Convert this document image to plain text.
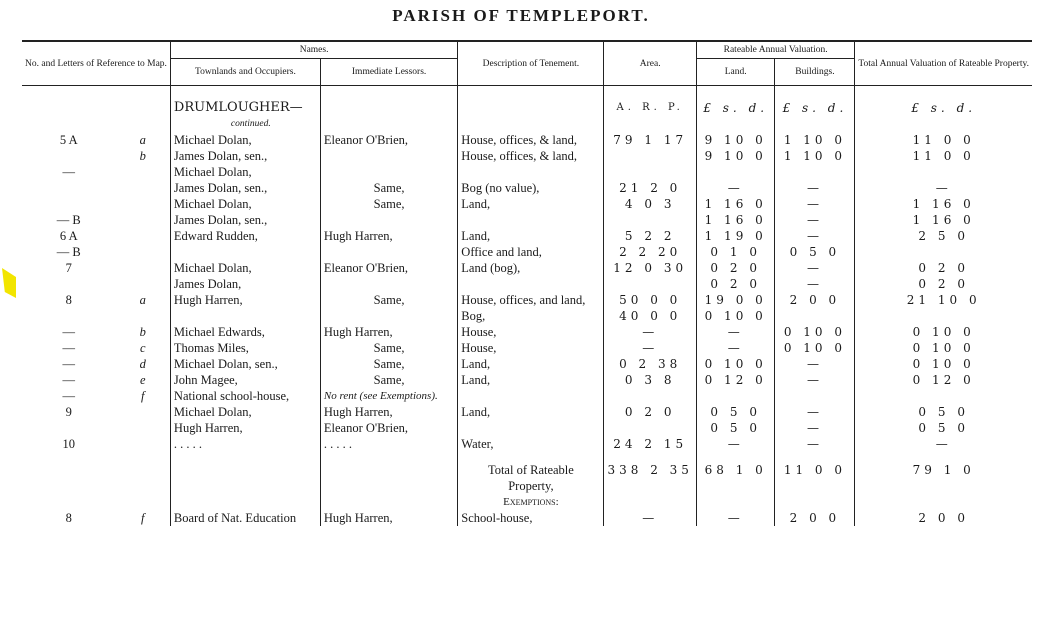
PARISH OF TEMPLEPORT.
No. and Letters of Reference to Map.		Names.		Description of Tenement.	Area.	Rateable Annual Valuation.		Total Annual Valuation of Rateable Property.
		Townlands and Occupiers.	Immediate Lessors.			Land.	Buildings.	

		DRUMLOUGHER—			A. R. P.	£ s. d.	£ s. d.	£ s. d.
		continued.						
5 A	a	Michael Dolan,	Eleanor O'Brien,	House, offices, & land,	79 1 17	9 10 0	1 10 0	11 0 0
	b	James Dolan, sen.,		House, offices, & land,		9 10 0	1 10 0	11 0 0
—		Michael Dolan,						
		James Dolan, sen.,	Same,	Bog (no value),	21 2 0	—	—	—
		Michael Dolan,	Same,	Land,	4 0 3	1 16 0	—	1 16 0
— B		James Dolan, sen.,				1 16 0	—	1 16 0
6 A		Edward Rudden,	Hugh Harren,	Land,	5 2 2	1 19 0	—	2 5 0
— B				Office and land,	2 2 20	0 1 0	0 5 0	
7		Michael Dolan,	Eleanor O'Brien,	Land (bog),	12 0 30	0 2 0	—	0 2 0
		James Dolan,				0 2 0	—	0 2 0
8	a	Hugh Harren,	Same,	House, offices, and land,	50 0 0	19 0 0	2 0 0	21 10 0
				Bog,	40 0 0	0 10 0		
—	b	Michael Edwards,	Hugh Harren,	House,	—	—	0 10 0	0 10 0
—	c	Thomas Miles,	Same,	House,	—	—	0 10 0	0 10 0
—	d	Michael Dolan, sen.,	Same,	Land,	0 2 38	0 10 0	—	0 10 0
—	e	John Magee,	Same,	Land,	0 3 8	0 12 0	—	0 12 0
—	f	National school-house,	No rent (see Exemptions).					
9		Michael Dolan,	Hugh Harren,	Land,	0 2 0	0 5 0	—	0 5 0
		Hugh Harren,	Eleanor O'Brien,			0 5 0	—	0 5 0
10		. . . . .	. . . . .	Water,	24 2 15	—	—	—

				Total of Rateable	338 2 35	68 1 0	11 0 0	79 1 0
				Property,				
				Exemptions:				
8	f	Board of Nat. Education	Hugh Harren,	School-house,	—	—	2 0 0	2 0 0
